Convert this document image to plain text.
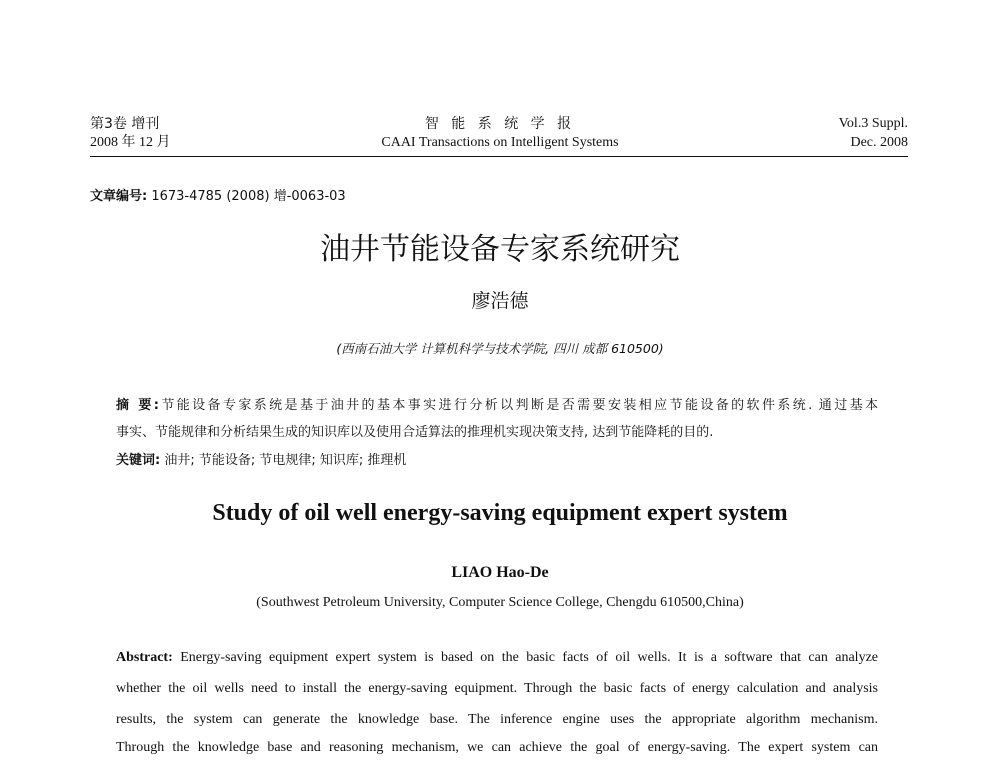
第3卷 增刊
2008 年 12 月
智 能 系 统 学 报
CAAI Transactions on Intelligent Systems
Vol.3 Suppl.
Dec. 2008
文章编号: 1673-4785 (2008) 增-0063-03
油井节能设备专家系统研究
廖浩德
(西南石油大学 计算机科学与技术学院, 四川 成都 610500)
摘 要:节能设备专家系统是基于油井的基本事实进行分析以判断是否需要安装相应节能设备的软件系统. 通过基本
事实、节能规律和分析结果生成的知识库以及使用合适算法的推理机实现决策支持, 达到节能降耗的目的.
关键词: 油井; 节能设备; 节电规律; 知识库; 推理机
Study of oil well energy-saving equipment expert system
LIAO Hao-De
(Southwest Petroleum University, Computer Science College, Chengdu 610500,China)
Abstract: Energy-saving equipment expert system is based on the basic facts of oil wells. It is a software that can analyze
whether the oil wells need to install the energy-saving equipment. Through the basic facts of energy calculation and analysis
results, the system can generate the knowledge base. The inference engine uses the appropriate algorithm mechanism.
Through the knowledge base and reasoning mechanism, we can achieve the goal of energy-saving. The expert system can
